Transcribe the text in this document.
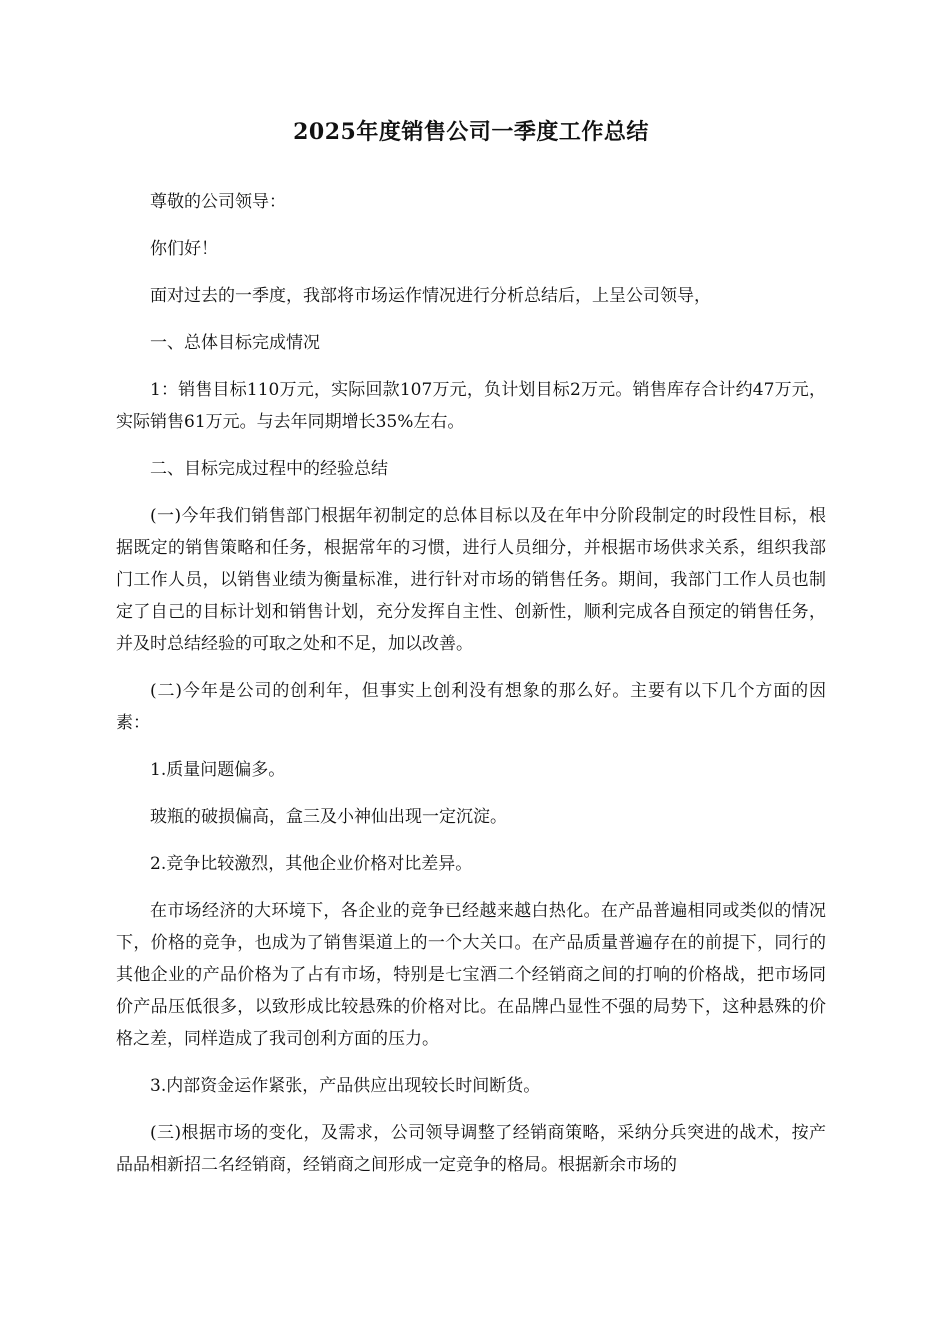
2025年度销售公司一季度工作总结

尊敬的公司领导：

你们好！

面对过去的一季度，我部将市场运作情况进行分析总结后，上呈公司领导，

一、总体目标完成情况

1：销售目标110万元，实际回款107万元，负计划目标2万元。销售库存合计约47万元，实际销售61万元。与去年同期增长35%左右。

二、目标完成过程中的经验总结

(一)今年我们销售部门根据年初制定的总体目标以及在年中分阶段制定的时段性目标，根据既定的销售策略和任务，根据常年的习惯，进行人员细分，并根据市场供求关系，组织我部门工作人员，以销售业绩为衡量标准，进行针对市场的销售任务。期间，我部门工作人员也制定了自己的目标计划和销售计划，充分发挥自主性、创新性，顺利完成各自预定的销售任务，并及时总结经验的可取之处和不足，加以改善。

(二)今年是公司的创利年，但事实上创利没有想象的那么好。主要有以下几个方面的因素：

1.质量问题偏多。

玻瓶的破损偏高，盒三及小神仙出现一定沉淀。

2.竞争比较激烈，其他企业价格对比差异。

在市场经济的大环境下，各企业的竞争已经越来越白热化。在产品普遍相同或类似的情况下，价格的竞争，也成为了销售渠道上的一个大关口。在产品质量普遍存在的前提下，同行的其他企业的产品价格为了占有市场，特别是七宝酒二个经销商之间的打响的价格战，把市场同价产品压低很多，以致形成比较悬殊的价格对比。在品牌凸显性不强的局势下，这种悬殊的价格之差，同样造成了我司创利方面的压力。

3.内部资金运作紧张，产品供应出现较长时间断货。

(三)根据市场的变化，及需求，公司领导调整了经销商策略，采纳分兵突进的战术，按产品品相新招二名经销商，经销商之间形成一定竞争的格局。根据新余市场的
